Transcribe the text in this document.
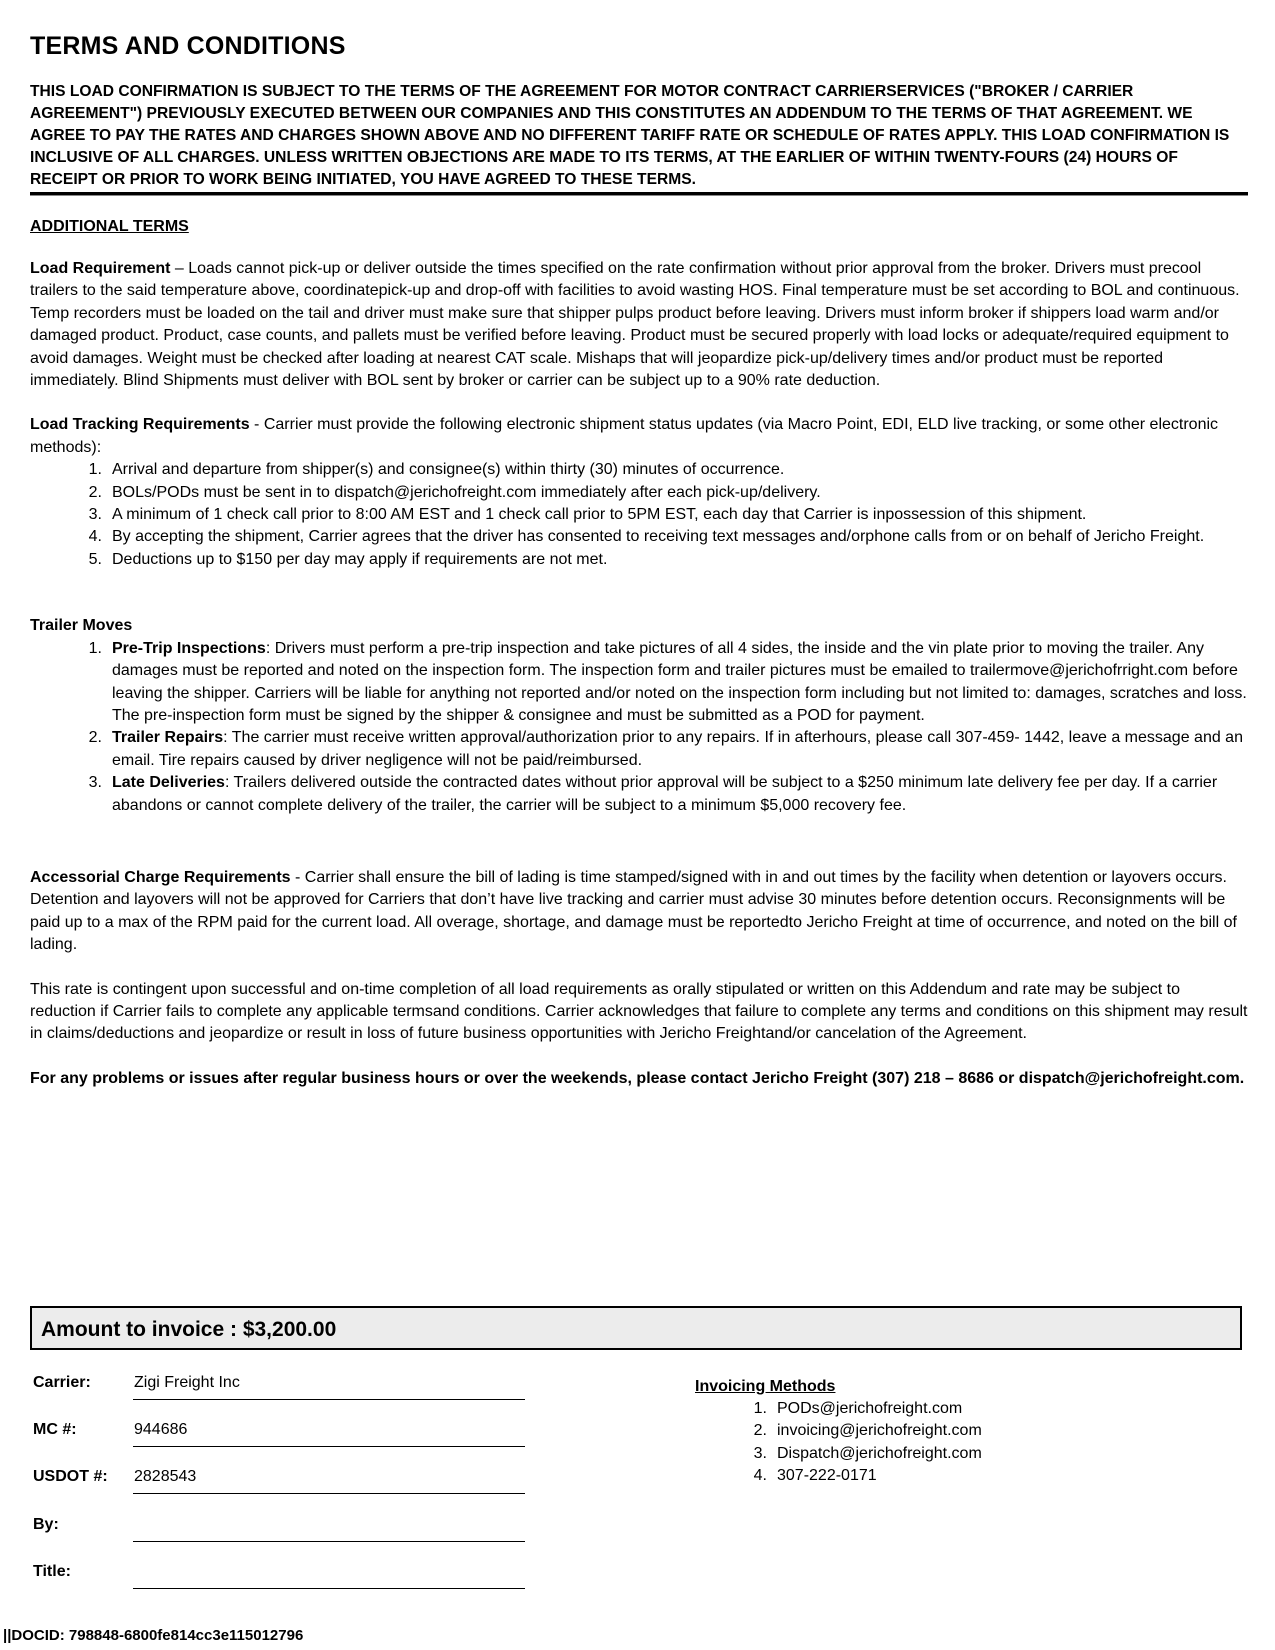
TERMS AND CONDITIONS

THIS LOAD CONFIRMATION IS SUBJECT TO THE TERMS OF THE AGREEMENT FOR MOTOR CONTRACT CARRIERSERVICES ("BROKER / CARRIER AGREEMENT") PREVIOUSLY EXECUTED BETWEEN OUR COMPANIES AND THIS CONSTITUTES AN ADDENDUM TO THE TERMS OF THAT AGREEMENT. WE AGREE TO PAY THE RATES AND CHARGES SHOWN ABOVE AND NO DIFFERENT TARIFF RATE OR SCHEDULE OF RATES APPLY. THIS LOAD CONFIRMATION IS INCLUSIVE OF ALL CHARGES. UNLESS WRITTEN OBJECTIONS ARE MADE TO ITS TERMS, AT THE EARLIER OF WITHIN TWENTY-FOURS (24) HOURS OF RECEIPT OR PRIOR TO WORK BEING INITIATED, YOU HAVE AGREED TO THESE TERMS.

ADDITIONAL TERMS

Load Requirement – Loads cannot pick-up or deliver outside the times specified on the rate confirmation without prior approval from the broker. Drivers must precool trailers to the said temperature above, coordinatepick-up and drop-off with facilities to avoid wasting HOS. Final temperature must be set according to BOL and continuous. Temp recorders must be loaded on the tail and driver must make sure that shipper pulps product before leaving. Drivers must inform broker if shippers load warm and/or damaged product. Product, case counts, and pallets must be verified before leaving. Product must be secured properly with load locks or adequate/required equipment to avoid damages. Weight must be checked after loading at nearest CAT scale. Mishaps that will jeopardize pick-up/delivery times and/or product must be reported immediately. Blind Shipments must deliver with BOL sent by broker or carrier can be subject up to a 90% rate deduction.

Load Tracking Requirements - Carrier must provide the following electronic shipment status updates (via Macro Point, EDI, ELD live tracking, or some other electronic methods):

1. Arrival and departure from shipper(s) and consignee(s) within thirty (30) minutes of occurrence.
2. BOLs/PODs must be sent in to dispatch@jerichofreight.com immediately after each pick-up/delivery.
3. A minimum of 1 check call prior to 8:00 AM EST and 1 check call prior to 5PM EST, each day that Carrier is inpossession of this shipment.
4. By accepting the shipment, Carrier agrees that the driver has consented to receiving text messages and/orphone calls from or on behalf of Jericho Freight.
5. Deductions up to $150 per day may apply if requirements are not met.
Trailer Moves
1. Pre-Trip Inspections: Drivers must perform a pre-trip inspection and take pictures of all 4 sides, the inside and the vin plate prior to moving the trailer. Any damages must be reported and noted on the inspection form. The inspection form and trailer pictures must be emailed to trailermove@jerichofrright.com before leaving the shipper. Carriers will be liable for anything not reported and/or noted on the inspection form including but not limited to: damages, scratches and loss. The pre-inspection form must be signed by the shipper & consignee and must be submitted as a POD for payment.
2. Trailer Repairs: The carrier must receive written approval/authorization prior to any repairs. If in afterhours, please call 307-459- 1442, leave a message and an email. Tire repairs caused by driver negligence will not be paid/reimbursed.
3. Late Deliveries: Trailers delivered outside the contracted dates without prior approval will be subject to a $250 minimum late delivery fee per day. If a carrier abandons or cannot complete delivery of the trailer, the carrier will be subject to a minimum $5,000 recovery fee.

Accessorial Charge Requirements - Carrier shall ensure the bill of lading is time stamped/signed with in and out times by the facility when detention or layovers occurs. Detention and layovers will not be approved for Carriers that don’t have live tracking and carrier must advise 30 minutes before detention occurs. Reconsignments will be paid up to a max of the RPM paid for the current load. All overage, shortage, and damage must be reportedto Jericho Freight at time of occurrence, and noted on the bill of lading.

This rate is contingent upon successful and on-time completion of all load requirements as orally stipulated or written on this Addendum and rate may be subject to reduction if Carrier fails to complete any applicable termsand conditions. Carrier acknowledges that failure to complete any terms and conditions on this shipment may result in claims/deductions and jeopardize or result in loss of future business opportunities with Jericho Freightand/or cancelation of the Agreement.

For any problems or issues after regular business hours or over the weekends, please contact Jericho Freight (307) 218 – 8686 or dispatch@jerichofreight.com.

Amount to invoice : $3,200.00
Carrier:	Zigi Freight Inc
MC #:	944686
USDOT #: 2828543
By:
Title:
Invoicing Methods
1. PODs@jerichofreight.com
2. invoicing@jerichofreight.com
3. Dispatch@jerichofreight.com
4. 307-222-0171
||DOCID: 798848-6800fe814cc3e115012796
